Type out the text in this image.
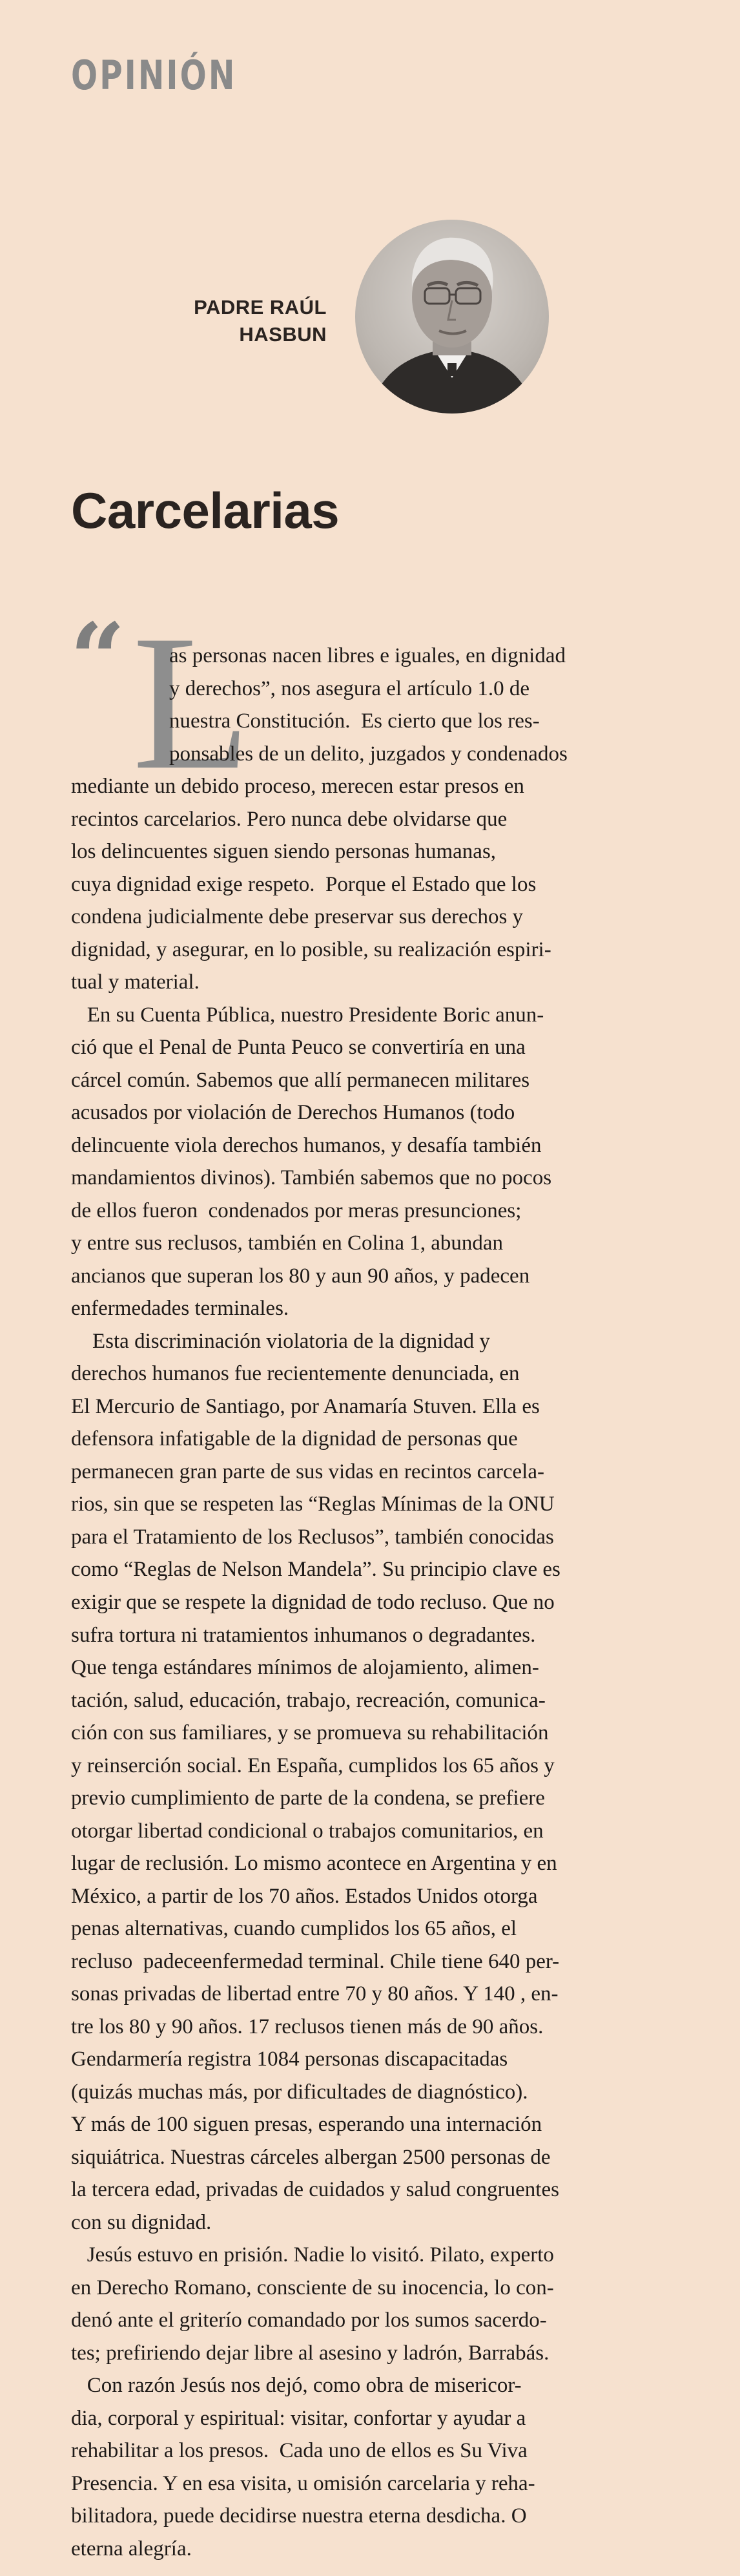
OPINIÓN
PADRE RAÚL
HASBUN
Carcelarias
“ L
as personas nacen libres e iguales, en dignidad
y derechos”, nos asegura el artículo 1.0 de
nuestra Constitución.  Es cierto que los res-
ponsables de un delito, juzgados y condenados
mediante un debido proceso, merecen estar presos en
recintos carcelarios. Pero nunca debe olvidarse que
los delincuentes siguen siendo personas humanas,
cuya dignidad exige respeto.  Porque el Estado que los
condena judicialmente debe preservar sus derechos y
dignidad, y asegurar, en lo posible, su realización espiri-
tual y material.
En su Cuenta Pública, nuestro Presidente Boric anun-
ció que el Penal de Punta Peuco se convertiría en una
cárcel común. Sabemos que allí permanecen militares
acusados por violación de Derechos Humanos (todo
delincuente viola derechos humanos, y desafía también
mandamientos divinos). También sabemos que no pocos
de ellos fueron  condenados por meras presunciones;
y entre sus reclusos, también en Colina 1, abundan
ancianos que superan los 80 y aun 90 años, y padecen
enfermedades terminales.
Esta discriminación violatoria de la dignidad y
derechos humanos fue recientemente denunciada, en
El Mercurio de Santiago, por Anamaría Stuven. Ella es
defensora infatigable de la dignidad de personas que
permanecen gran parte de sus vidas en recintos carcela-
rios, sin que se respeten las “Reglas Mínimas de la ONU
para el Tratamiento de los Reclusos”, también conocidas
como “Reglas de Nelson Mandela”. Su principio clave es
exigir que se respete la dignidad de todo recluso. Que no
sufra tortura ni tratamientos inhumanos o degradantes.
Que tenga estándares mínimos de alojamiento, alimen-
tación, salud, educación, trabajo, recreación, comunica-
ción con sus familiares, y se promueva su rehabilitación
y reinserción social. En España, cumplidos los 65 años y
previo cumplimiento de parte de la condena, se prefiere
otorgar libertad condicional o trabajos comunitarios, en
lugar de reclusión. Lo mismo acontece en Argentina y en
México, a partir de los 70 años. Estados Unidos otorga
penas alternativas, cuando cumplidos los 65 años, el
recluso  padeceenfermedad terminal. Chile tiene 640 per-
sonas privadas de libertad entre 70 y 80 años. Y 140 , en-
tre los 80 y 90 años. 17 reclusos tienen más de 90 años.
Gendarmería registra 1084 personas discapacitadas
(quizás muchas más, por dificultades de diagnóstico).
Y más de 100 siguen presas, esperando una internación
siquiátrica. Nuestras cárceles albergan 2500 personas de
la tercera edad, privadas de cuidados y salud congruentes
con su dignidad.
Jesús estuvo en prisión. Nadie lo visitó. Pilato, experto
en Derecho Romano, consciente de su inocencia, lo con-
denó ante el griterío comandado por los sumos sacerdo-
tes; prefiriendo dejar libre al asesino y ladrón, Barrabás.
Con razón Jesús nos dejó, como obra de misericor-
dia, corporal y espiritual: visitar, confortar y ayudar a
rehabilitar a los presos.  Cada uno de ellos es Su Viva
Presencia. Y en esa visita, u omisión carcelaria y reha-
bilitadora, puede decidirse nuestra eterna desdicha. O
eterna alegría.
